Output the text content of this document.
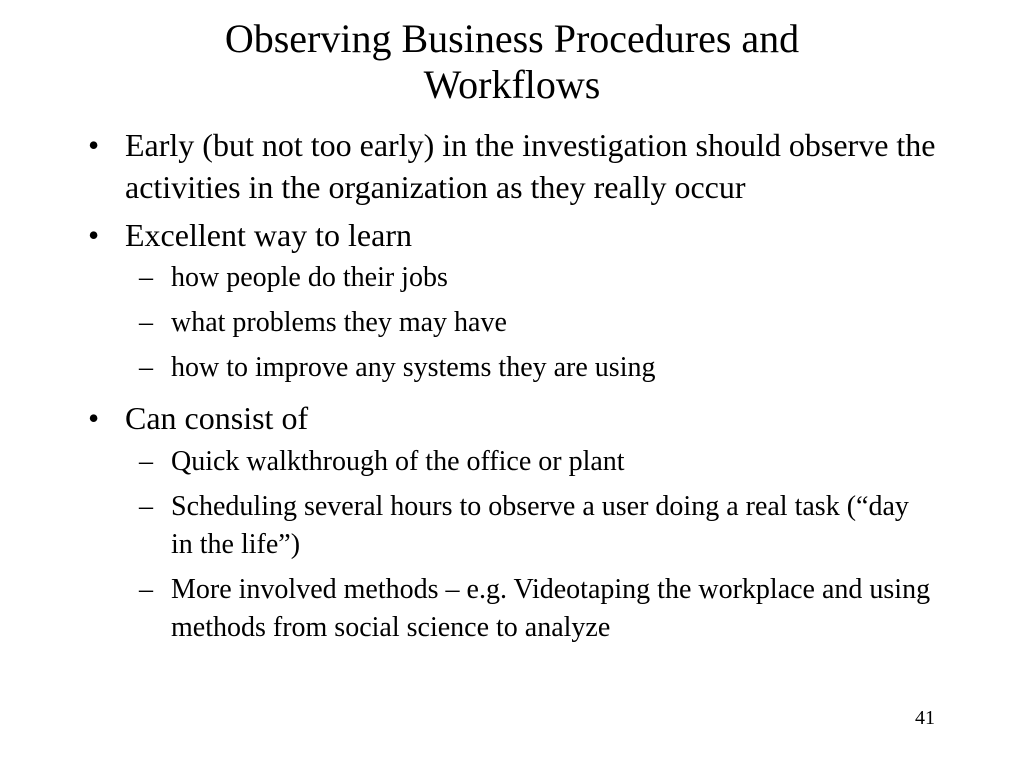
Observing Business Procedures and
Workflows
• Early (but not too early) in the investigation should observe the activities in the organization as they really occur
• Excellent way to learn
– how people do their jobs
– what problems they may have
– how to improve any systems they are using
• Can consist of
– Quick walkthrough of the office or plant
– Scheduling several hours to observe a user doing a real task (“day in the life”)
– More involved methods – e.g. Videotaping the workplace and using methods from social science to analyze
41
